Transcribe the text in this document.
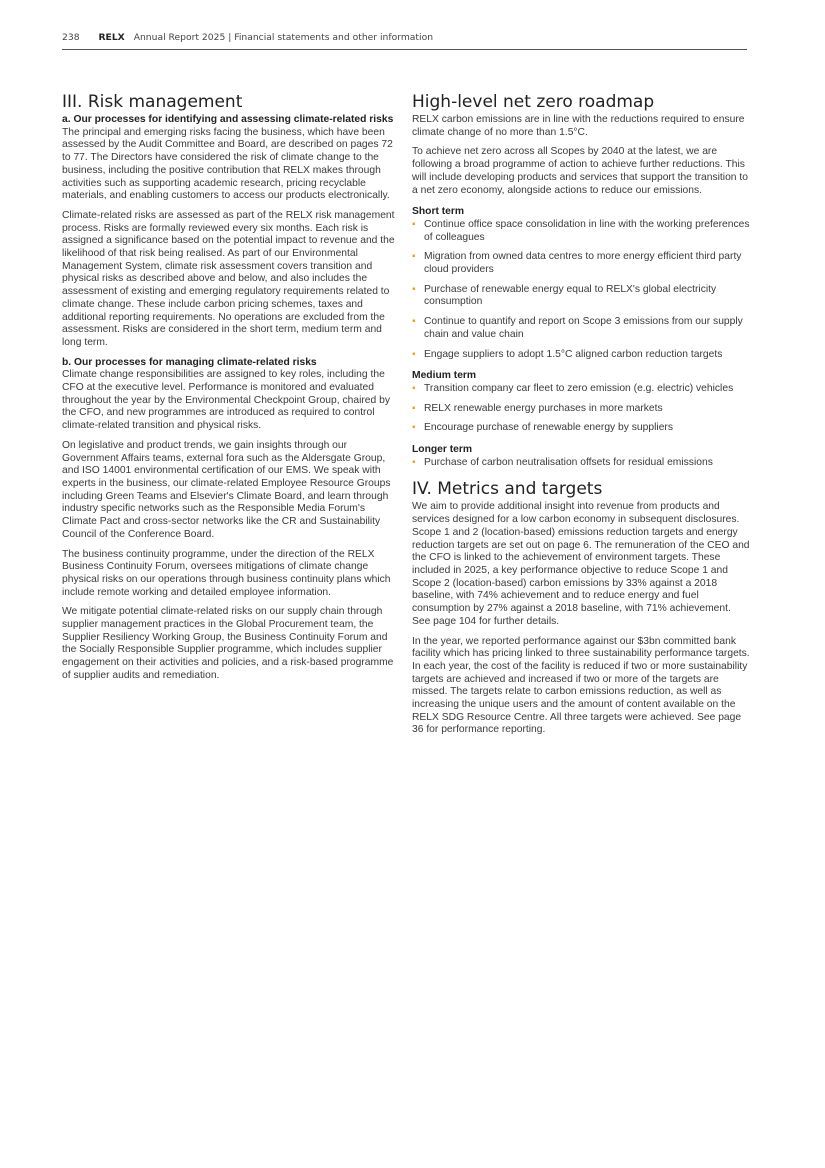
238 RELX Annual Report 2025 | Financial statements and other information
III. Risk management
a. Our processes for identifying and assessing climate-related risks

The principal and emerging risks facing the business, which have been assessed by the Audit Committee and Board, are described on pages 72 to 77. The Directors have considered the risk of climate change to the business, including the positive contribution that RELX makes through activities such as supporting academic research, pricing recyclable materials, and enabling customers to access our products electronically.

Climate-related risks are assessed as part of the RELX risk management process. Risks are formally reviewed every six months. Each risk is assigned a significance based on the potential impact to revenue and the likelihood of that risk being realised. As part of our Environmental Management System, climate risk assessment covers transition and physical risks as described above and below, and also includes the assessment of existing and emerging regulatory requirements related to climate change. These include carbon pricing schemes, taxes and additional reporting requirements. No operations are excluded from the assessment. Risks are considered in the short term, medium term and long term.

b. Our processes for managing climate-related risks

Climate change responsibilities are assigned to key roles, including the CFO at the executive level. Performance is monitored and evaluated throughout the year by the Environmental Checkpoint Group, chaired by the CFO, and new programmes are introduced as required to control climate-related transition and physical risks.

On legislative and product trends, we gain insights through our Government Affairs teams, external fora such as the Aldersgate Group, and ISO 14001 environmental certification of our EMS. We speak with experts in the business, our climate-related Employee Resource Groups including Green Teams and Elsevier's Climate Board, and learn through industry specific networks such as the Responsible Media Forum's Climate Pact and cross-sector networks like the CR and Sustainability Council of the Conference Board.

The business continuity programme, under the direction of the RELX Business Continuity Forum, oversees mitigations of climate change physical risks on our operations through business continuity plans which include remote working and detailed employee information.

We mitigate potential climate-related risks on our supply chain through supplier management practices in the Global Procurement team, the Supplier Resiliency Working Group, the Business Continuity Forum and the Socially Responsible Supplier programme, which includes supplier engagement on their activities and policies, and a risk-based programme of supplier audits and remediation.

High-level net zero roadmap

RELX carbon emissions are in line with the reductions required to ensure climate change of no more than 1.5°C.

To achieve net zero across all Scopes by 2040 at the latest, we are following a broad programme of action to achieve further reductions. This will include developing products and services that support the transition to a net zero economy, alongside actions to reduce our emissions.

Short term
▪ Continue office space consolidation in line with the working preferences of colleagues
▪ Migration from owned data centres to more energy efficient third party cloud providers
▪ Purchase of renewable energy equal to RELX's global electricity consumption
▪ Continue to quantify and report on Scope 3 emissions from our supply chain and value chain
▪ Engage suppliers to adopt 1.5°C aligned carbon reduction targets
Medium term
▪ Transition company car fleet to zero emission (e.g. electric) vehicles
▪ RELX renewable energy purchases in more markets
▪ Encourage purchase of renewable energy by suppliers
Longer term
▪ Purchase of carbon neutralisation offsets for residual emissions
IV. Metrics and targets

We aim to provide additional insight into revenue from products and services designed for a low carbon economy in subsequent disclosures. Scope 1 and 2 (location-based) emissions reduction targets and energy reduction targets are set out on page 6. The remuneration of the CEO and the CFO is linked to the achievement of environment targets. These included in 2025, a key performance objective to reduce Scope 1 and Scope 2 (location-based) carbon emissions by 33% against a 2018 baseline, with 74% achievement and to reduce energy and fuel consumption by 27% against a 2018 baseline, with 71% achievement. See page 104 for further details.

In the year, we reported performance against our $3bn committed bank facility which has pricing linked to three sustainability performance targets. In each year, the cost of the facility is reduced if two or more sustainability targets are achieved and increased if two or more of the targets are missed. The targets relate to carbon emissions reduction, as well as increasing the unique users and the amount of content available on the RELX SDG Resource Centre. All three targets were achieved. See page 36 for performance reporting.
